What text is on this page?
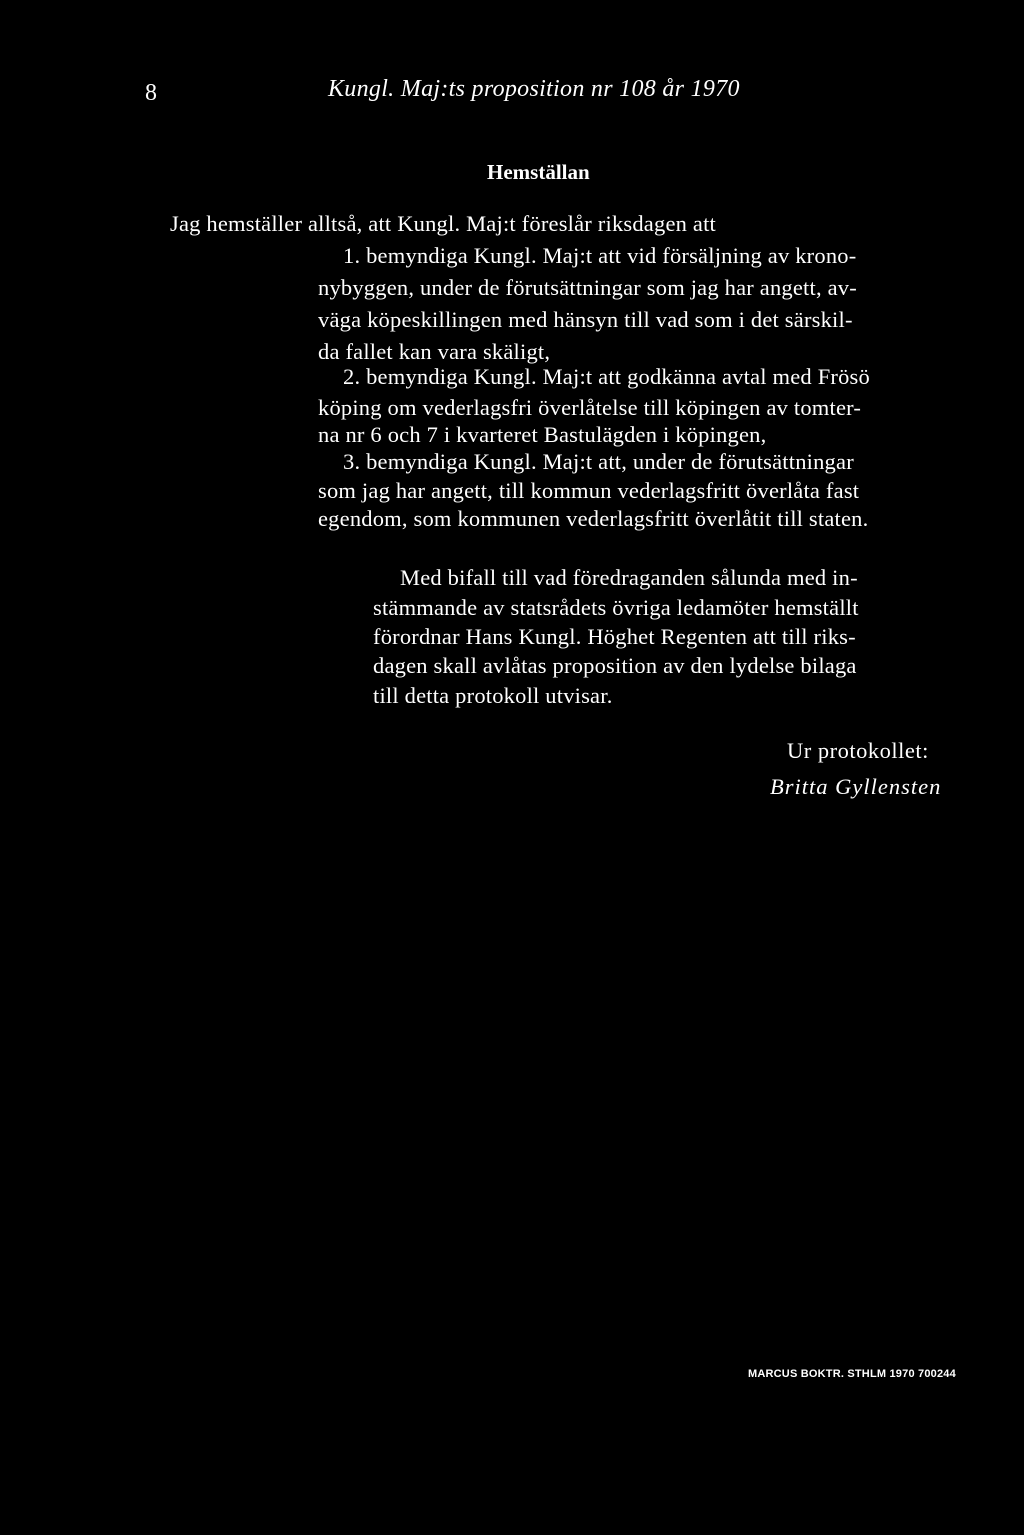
8	Kungl. Maj:ts proposition nr 108 år 1970
Hemställan
Jag hemställer alltså, att Kungl. Maj:t föreslår riksdagen att
1. bemyndiga Kungl. Maj:t att vid försäljning av krono-
nybyggen, under de förutsättningar som jag har angett, av-
väga köpeskillingen med hänsyn till vad som i det särskil-
da fallet kan vara skäligt,
2. bemyndiga Kungl. Maj:t att godkänna avtal med Frösö
köping om vederlagsfri överlåtelse till köpingen av tomter-
na nr 6 och 7 i kvarteret Bastulägden i köpingen,
3. bemyndiga Kungl. Maj:t att, under de förutsättningar
som jag har angett, till kommun vederlagsfritt överlåta fast
egendom, som kommunen vederlagsfritt överlåtit till staten.
Med bifall till vad föredraganden sålunda med in-
stämmande av statsrådets övriga ledamöter hemställt
förordnar Hans Kungl. Höghet Regenten att till riks-
dagen skall avlåtas proposition av den lydelse bilaga
till detta protokoll utvisar.
Ur protokollet:
Britta Gyllensten
MARCUS BOKTR. STHLM 1970 700244
